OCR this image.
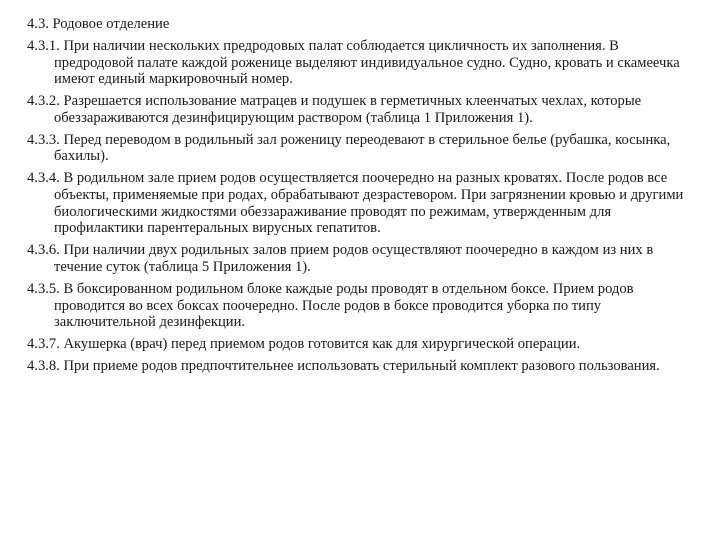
4.3. Родовое отделение

4.3.1. При наличии нескольких предродовых палат соблюдается цикличность их заполнения. В предродовой палате каждой роженице выделяют индивидуальное судно. Судно, кровать и скамеечка имеют единый маркировочный номер.

4.3.2. Разрешается использование матрацев и подушек в герметичных клеенчатых чехлах, которые обеззараживаются дезинфицирующим раствором (таблица 1 Приложения 1).

4.3.3. Перед переводом в родильный зал роженицу переодевают в стерильное белье (рубашка, косынка, бахилы).

4.3.4. В родильном зале прием родов осуществляется поочередно на разных кроватях. После родов все объекты, применяемые при родах, обрабатывают дезрастевором. При загрязнении кровью и другими биологическими жидкостями обеззараживание проводят по режимам, утвержденным для профилактики парентеральных вирусных гепатитов.

4.3.6. При наличии двух родильных залов прием родов осуществляют поочередно в каждом из них в течение суток (таблица 5 Приложения 1).

4.3.5. В боксированном родильном блоке каждые роды проводят в отдельном боксе. Прием родов проводится во всех боксах поочередно. После родов в боксе проводится уборка по типу заключительной дезинфекции.

4.3.7. Акушерка (врач) перед приемом родов готовится как для хирургической операции.

4.3.8. При приеме родов предпочтительнее использовать стерильный комплект разового пользования.
